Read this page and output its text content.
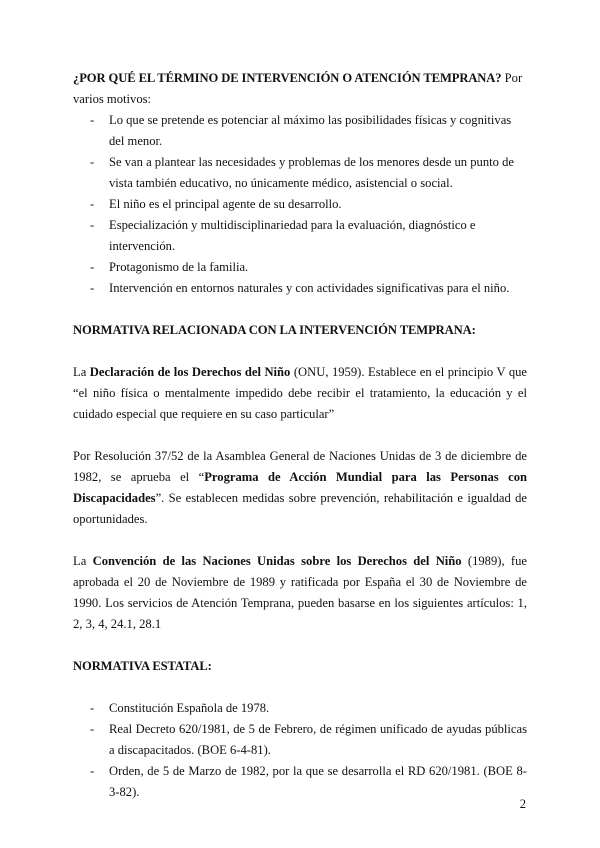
¿POR QUÉ EL TÉRMINO DE INTERVENCIÓN O ATENCIÓN TEMPRANA? Por varios motivos:

- Lo que se pretende es potenciar al máximo las posibilidades físicas y cognitivas del menor.
- Se van a plantear las necesidades y problemas de los menores desde un punto de vista también educativo, no únicamente médico, asistencial o social.
- El niño es el principal agente de su desarrollo.
- Especialización y multidisciplinariedad para la evaluación, diagnóstico e intervención.
- Protagonismo de la familia.
- Intervención en entornos naturales y con actividades significativas para el niño.

NORMATIVA RELACIONADA CON LA INTERVENCIÓN TEMPRANA:

La Declaración de los Derechos del Niño (ONU, 1959). Establece en el principio V que “el niño física o mentalmente impedido debe recibir el tratamiento, la educación y el cuidado especial que requiere en su caso particular”

Por Resolución 37/52 de la Asamblea General de Naciones Unidas de 3 de diciembre de 1982, se aprueba el “Programa de Acción Mundial para las Personas con Discapacidades”. Se establecen medidas sobre prevención, rehabilitación e igualdad de oportunidades.

La Convención de las Naciones Unidas sobre los Derechos del Niño (1989), fue aprobada el 20 de Noviembre de 1989 y ratificada por España el 30 de Noviembre de 1990. Los servicios de Atención Temprana, pueden basarse en los siguientes artículos: 1, 2, 3, 4, 24.1, 28.1

NORMATIVA ESTATAL:

- Constitución Española de 1978.
- Real Decreto 620/1981, de 5 de Febrero, de régimen unificado de ayudas públicas a discapacitados. (BOE 6-4-81).
- Orden, de 5 de Marzo de 1982, por la que se desarrolla el RD 620/1981. (BOE 8-3-82).
2
